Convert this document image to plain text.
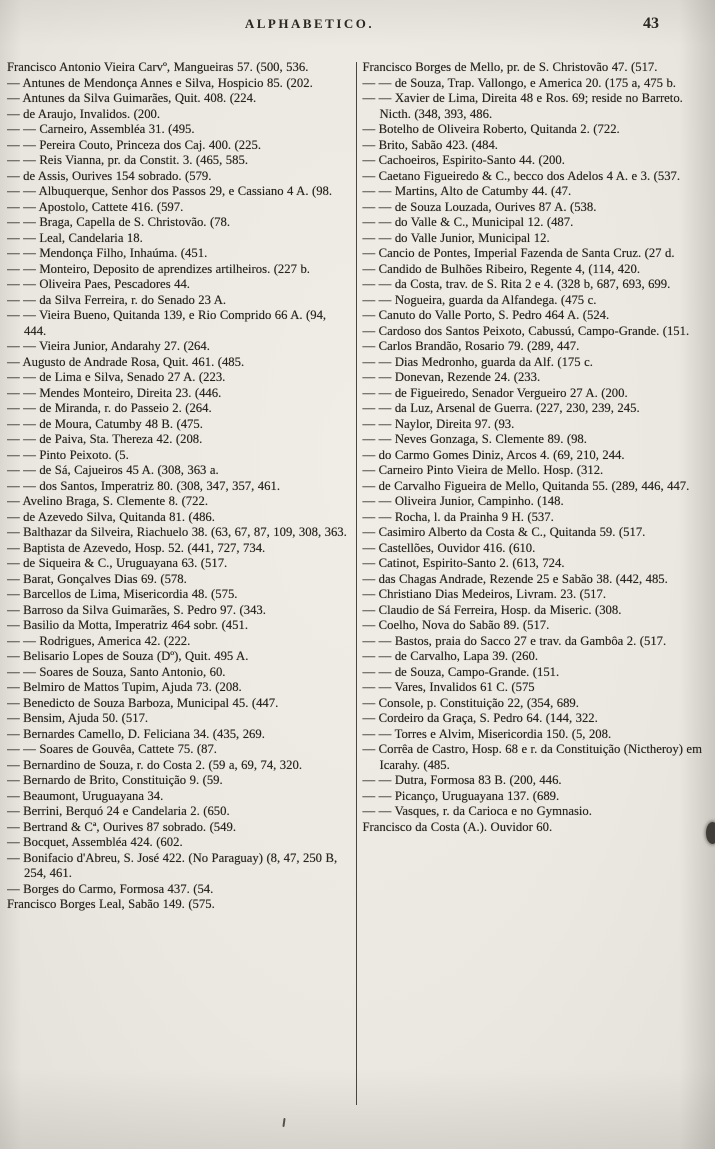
ALPHABETICO.	43
Francisco Antonio Vieira Carvº, Mangueiras 57. (500, 536.
— Antunes de Mendonça Annes e Silva, Hospicio 85. (202.
— Antunes da Silva Guimarães, Quit. 408. (224.
— de Araujo, Invalidos. (200.
— — Carneiro, Assembléa 31. (495.
— — Pereira Couto, Princeza dos Caj. 400. (225.
— — Reis Vianna, pr. da Constit. 3. (465, 585.
— de Assis, Ourives 154 sobrado. (579.
— — Albuquerque, Senhor dos Passos 29, e Cassiano 4 A. (98.
— — Apostolo, Cattete 416. (597.
— — Braga, Capella de S. Christovão. (78.
— — Leal, Candelaria 18.
— — Mendonça Filho, Inhaúma. (451.
— — Monteiro, Deposito de aprendizes artilheiros. (227 b.
— — Oliveira Paes, Pescadores 44.
— — da Silva Ferreira, r. do Senado 23 A.
— — Vieira Bueno, Quitanda 139, e Rio Comprido 66 A. (94, 444.
— — Vieira Junior, Andarahy 27. (264.
— Augusto de Andrade Rosa, Quit. 461. (485.
— — de Lima e Silva, Senado 27 A. (223.
— — Mendes Monteiro, Direita 23. (446.
— — de Miranda, r. do Passeio 2. (264.
— — de Moura, Catumby 48 B. (475.
— — de Paiva, Sta. Thereza 42. (208.
— — Pinto Peixoto. (5.
— — de Sá, Cajueiros 45 A. (308, 363 a.
— — dos Santos, Imperatriz 80. (308, 347, 357, 461.
— Avelino Braga, S. Clemente 8. (722.
— de Azevedo Silva, Quitanda 81. (486.
— Balthazar da Silveira, Riachuelo 38. (63, 67, 87, 109, 308, 363.
— Baptista de Azevedo, Hosp. 52. (441, 727, 734.
— de Siqueira & C., Uruguayana 63. (517.
— Barat, Gonçalves Dias 69. (578.
— Barcellos de Lima, Misericordia 48. (575.
— Barroso da Silva Guimarães, S. Pedro 97. (343.
— Basilio da Motta, Imperatriz 464 sobr. (451.
— — Rodrigues, America 42. (222.
— Belisario Lopes de Souza (Dº), Quit. 495 A.
— — Soares de Souza, Santo Antonio, 60.
— Belmiro de Mattos Tupim, Ajuda 73. (208.
— Benedicto de Souza Barboza, Municipal 45. (447.
— Bensim, Ajuda 50. (517.
— Bernardes Camello, D. Feliciana 34. (435, 269.
— — Soares de Gouvêa, Cattete 75. (87.
— Bernardino de Souza, r. do Costa 2. (59 a, 69, 74, 320.
— Bernardo de Brito, Constituição 9. (59.
— Beaumont, Uruguayana 34.
— Berrini, Berquó 24 e Candelaria 2. (650.
— Bertrand & Cª, Ourives 87 sobrado. (549.
— Bocquet, Assembléa 424. (602.
— Bonifacio d'Abreu, S. José 422. (No Paraguay) (8, 47, 250 B, 254, 461.
— Borges do Carmo, Formosa 437. (54.
Francisco Borges Leal, Sabão 149. (575.
Francisco Borges de Mello, pr. de S. Christovão 47. (517.
— — de Souza, Trap. Vallongo, e America 20. (175 a, 475 b.
— — Xavier de Lima, Direita 48 e Ros. 69; reside no Barreto. Nicth. (348, 393, 486.
— Botelho de Oliveira Roberto, Quitanda 2. (722.
— Brito, Sabão 423. (484.
— Cachoeiros, Espirito-Santo 44. (200.
— Caetano Figueiredo & C., becco dos Adelos 4 A. e 3. (537.
— — Martins, Alto de Catumby 44. (47.
— — de Souza Louzada, Ourives 87 A. (538.
— — do Valle & C., Municipal 12. (487.
— — do Valle Junior, Municipal 12.
— Cancio de Pontes, Imperial Fazenda de Santa Cruz. (27 d.
— Candido de Bulhões Ribeiro, Regente 4, (114, 420.
— — da Costa, trav. de S. Rita 2 e 4. (328 b, 687, 693, 699.
— — Nogueira, guarda da Alfandega. (475 c.
— Canuto do Valle Porto, S. Pedro 464 A. (524.
— Cardoso dos Santos Peixoto, Cabussú, Campo-Grande. (151.
— Carlos Brandão, Rosario 79. (289, 447.
— — Dias Medronho, guarda da Alf. (175 c.
— — Donevan, Rezende 24. (233.
— — de Figueiredo, Senador Vergueiro 27 A. (200.
— — da Luz, Arsenal de Guerra. (227, 230, 239, 245.
— — Naylor, Direita 97. (93.
— — Neves Gonzaga, S. Clemente 89. (98.
— do Carmo Gomes Diniz, Arcos 4. (69, 210, 244.
— Carneiro Pinto Vieira de Mello. Hosp. (312.
— de Carvalho Figueira de Mello, Quitanda 55. (289, 446, 447.
— — Oliveira Junior, Campinho. (148.
— — Rocha, l. da Prainha 9 H. (537.
— Casimiro Alberto da Costa & C., Quitanda 59. (517.
— Castellões, Ouvidor 416. (610.
— Catinot, Espirito-Santo 2. (613, 724.
— das Chagas Andrade, Rezende 25 e Sabão 38. (442, 485.
— Christiano Dias Medeiros, Livram. 23. (517.
— Claudio de Sá Ferreira, Hosp. da Miseric. (308.
— Coelho, Nova do Sabão 89. (517.
— — Bastos, praia do Sacco 27 e trav. da Gambôa 2. (517.
— — de Carvalho, Lapa 39. (260.
— — de Souza, Campo-Grande. (151.
— — Vares, Invalidos 61 C. (575
— Console, p. Constituição 22, (354, 689.
— Cordeiro da Graça, S. Pedro 64. (144, 322.
— — Torres e Alvim, Misericordia 150. (5, 208.
— Corrêa de Castro, Hosp. 68 e r. da Constituição (Nictheroy) em Icarahy. (485.
— — Dutra, Formosa 83 B. (200, 446.
— — Picanço, Uruguayana 137. (689.
— — Vasques, r. da Carioca e no Gymnasio.
Francisco da Costa (A.). Ouvidor 60.
